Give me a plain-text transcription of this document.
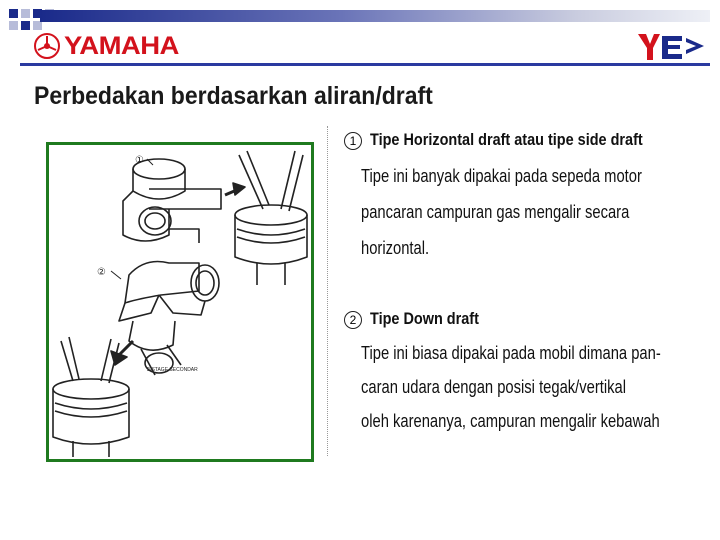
YAMAHA
Perbedakan berdasarkan aliran/draft
①
②
2-STAGE SECONDAR
1 Tipe Horizontal draft atau tipe side draft
Tipe ini banyak dipakai pada sepeda motor
pancaran campuran gas mengalir secara
horizontal.
2 Tipe Down draft
Tipe ini biasa dipakai pada mobil dimana pan-
caran udara dengan posisi tegak/vertikal
oleh karenanya, campuran mengalir kebawah
